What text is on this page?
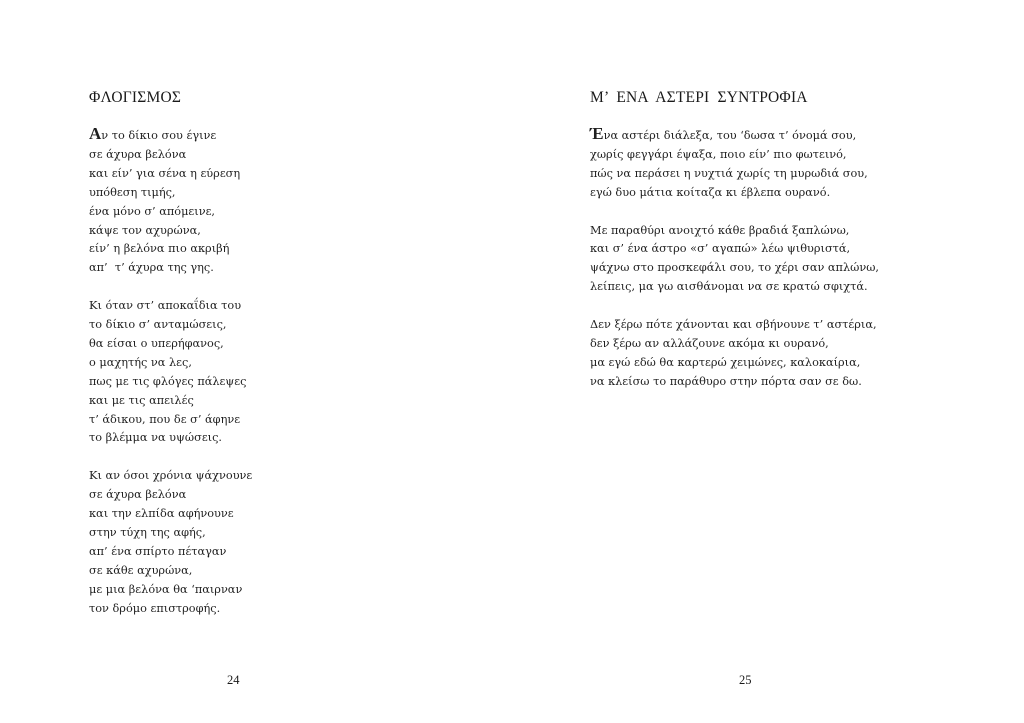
ΦΛΟΓΙΣΜΟΣ
Αν το δίκιο σου έγινε
σε άχυρα βελόνα
και είν’ για σένα η εύρεση
υπόθεση τιμής,
ένα μόνο σ’ απόμεινε,
κάψε τον αχυρώνα,
είν’ η βελόνα πιο ακριβή
απ’  τ’ άχυρα της γης.
Κι όταν στ’ αποκαΐδια του
το δίκιο σ’ ανταμώσεις,
θα είσαι ο υπερήφανος,
ο μαχητής να λες,
πως με τις φλόγες πάλεψες
και με τις απειλές
τ’ άδικου, που δε σ’ άφηνε
το βλέμμα να υψώσεις.
Κι αν όσοι χρόνια ψάχνουνε
σε άχυρα βελόνα
και την ελπίδα αφήνουνε
στην τύχη της αφής,
απ’ ένα σπίρτο πέταγαν
σε κάθε αχυρώνα,
με μια βελόνα θα ‘παιρναν
τον δρόμο επιστροφής.
24
Μ’  ΕΝΑ  ΑΣΤΕΡΙ  ΣΥΝΤΡΟΦΙΑ
Ένα αστέρι διάλεξα, του ‘δωσα τ’ όνομά σου,
χωρίς φεγγάρι έψαξα, ποιο είν’ πιο φωτεινό,
πώς να περάσει η νυχτιά χωρίς τη μυρωδιά σου,
εγώ δυο μάτια κοίταζα κι έβλεπα ουρανό.
Με παραθύρι ανοιχτό κάθε βραδιά ξαπλώνω,
και σ’ ένα άστρο «σ’ αγαπώ» λέω ψιθυριστά,
ψάχνω στο προσκεφάλι σου, το χέρι σαν απλώνω,
λείπεις, μα γω αισθάνομαι να σε κρατώ σφιχτά.
Δεν ξέρω πότε χάνονται και σβήνουνε τ’ αστέρια,
δεν ξέρω αν αλλάζουνε ακόμα κι ουρανό,
μα εγώ εδώ θα καρτερώ χειμώνες, καλοκαίρια,
να κλείσω το παράθυρο στην πόρτα σαν σε δω.
25
